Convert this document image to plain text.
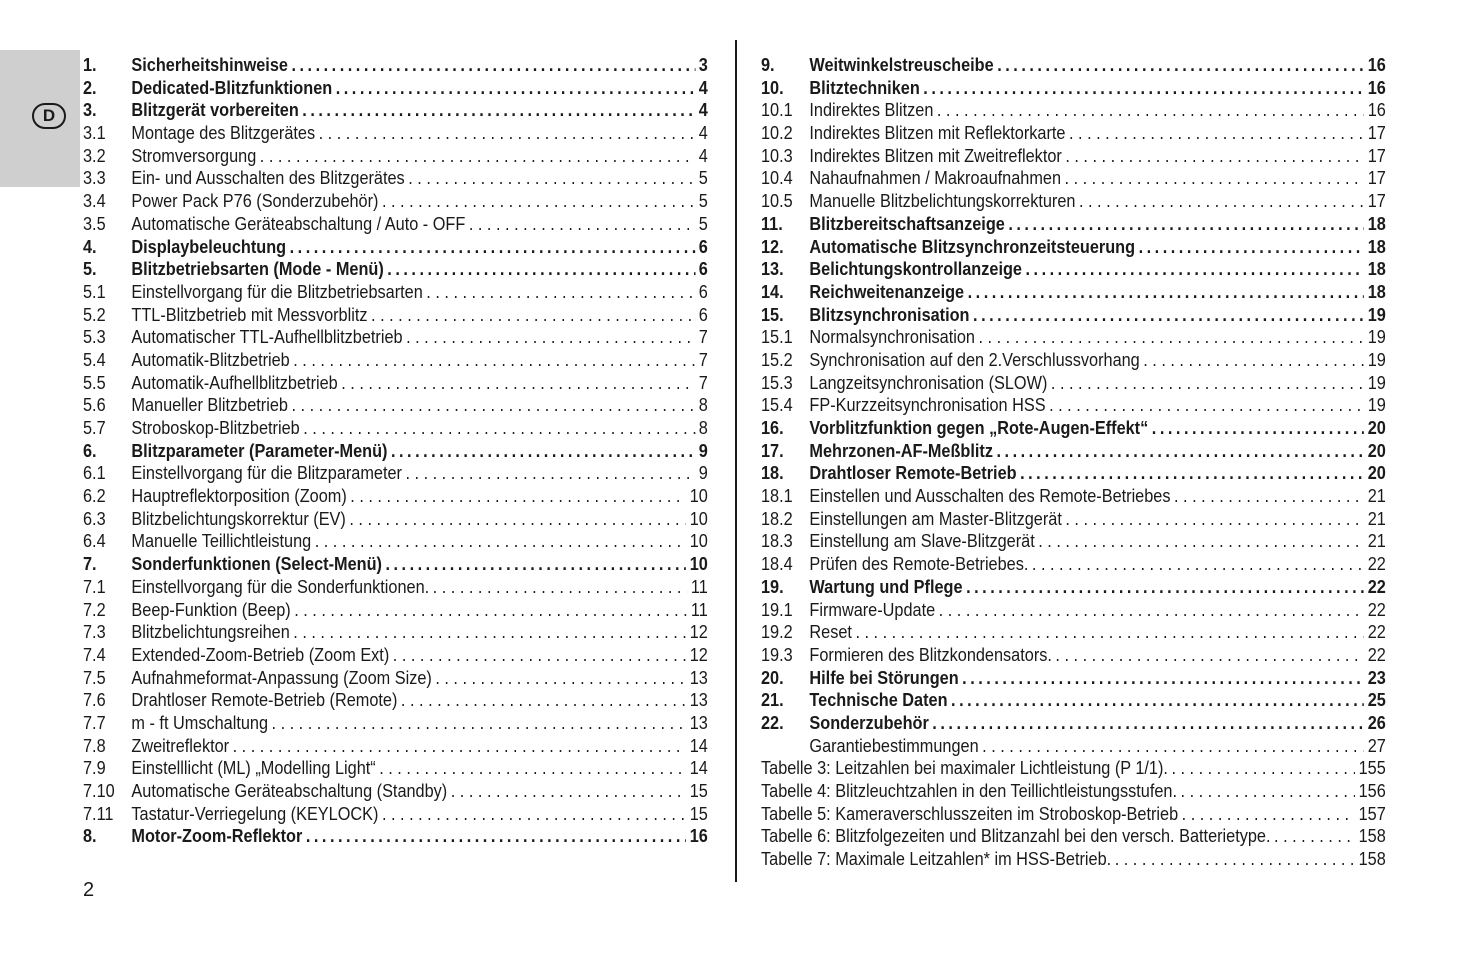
D
1.	Sicherheitshinweise .....	3
2.	Dedicated-Blitzfunktionen .....	4
3.	Blitzgerät vorbereiten .....	4
3.1	Montage des Blitzgerätes . . .	4
3.2	Stromversorgung . . .	4
3.3	Ein- und Ausschalten des Blitzgerätes . . .	5
3.4	Power Pack P76 (Sonderzubehör) . . .	5
3.5	Automatische Geräteabschaltung / Auto - OFF . . .	5
4.	Displaybeleuchtung .....	6
5.	Blitzbetriebsarten (Mode - Menü) .....	6
5.1	Einstellvorgang für die Blitzbetriebsarten . . .	6
5.2	TTL-Blitzbetrieb mit Messvorblitz . . .	6
5.3	Automatischer TTL-Aufhellblitzbetrieb . . .	7
5.4	Automatik-Blitzbetrieb . . .	7
5.5	Automatik-Aufhellblitzbetrieb . . .	7
5.6	Manueller Blitzbetrieb . . .	8
5.7	Stroboskop-Blitzbetrieb . . .	8
6.	Blitzparameter (Parameter-Menü) .....	9
6.1	Einstellvorgang für die Blitzparameter . . .	9
6.2	Hauptreflektorposition (Zoom) . . .	10
6.3	Blitzbelichtungskorrektur (EV) . . .	10
6.4	Manuelle Teillichtleistung . . .	10
7.	Sonderfunktionen (Select-Menü) .....	10
7.1	Einstellvorgang für die Sonderfunktionen. . . .	11
7.2	Beep-Funktion (Beep) . . .	11
7.3	Blitzbelichtungsreihen . . .	12
7.4	Extended-Zoom-Betrieb (Zoom Ext) . . .	12
7.5	Aufnahmeformat-Anpassung (Zoom Size) . . .	13
7.6	Drahtloser Remote-Betrieb (Remote) . . .	13
7.7	m - ft Umschaltung . . .	13
7.8	Zweitreflektor . . .	14
7.9	Einstelllicht (ML) „Modelling Light“ . . .	14
7.10 Automatische Geräteabschaltung (Standby) . . .	15
7.11 Tastatur-Verriegelung (KEYLOCK) . . .	15
8.	Motor-Zoom-Reflektor .....	16
9.	Weitwinkelstreuscheibe .....	16
10.	Blitztechniken .....	16
10.1 Indirektes Blitzen . . .	16
10.2 Indirektes Blitzen mit Reflektorkarte . . .	17
10.3 Indirektes Blitzen mit Zweitreflektor . . .	17
10.4 Nahaufnahmen / Makroaufnahmen . . .	17
10.5 Manuelle Blitzbelichtungskorrekturen . . .	17
11.	Blitzbereitschaftsanzeige .....	18
12.	Automatische Blitzsynchronzeitsteuerung .....	18
13.	Belichtungskontrollanzeige .....	18
14.	Reichweitenanzeige .....	18
15.	Blitzsynchronisation .....	19
15.1 Normalsynchronisation . . .	19
15.2 Synchronisation auf den 2.Verschlussvorhang . . .	19
15.3 Langzeitsynchronisation (SLOW) . . .	19
15.4 FP-Kurzzeitsynchronisation HSS . . .	19
16.	Vorblitzfunktion gegen „Rote-Augen-Effekt“ .....	20
17.	Mehrzonen-AF-Meßblitz .....	20
18.	Drahtloser Remote-Betrieb .....	20
18.1 Einstellen und Ausschalten des Remote-Betriebes . . .	21
18.2 Einstellungen am Master-Blitzgerät . . .	21
18.3 Einstellung am Slave-Blitzgerät . . .	21
18.4 Prüfen des Remote-Betriebes. . . .	22
19.	Wartung und Pflege .....	22
19.1 Firmware-Update . . .	22
19.2 Reset . . .	22
19.3 Formieren des Blitzkondensators. . . .	22
20.	Hilfe bei Störungen .....	23
21.	Technische Daten .....	25
22.	Sonderzubehör .....	26
Garantiebestimmungen . . .	27
Tabelle 3: Leitzahlen bei maximaler Lichtleistung (P 1/1). . . .	155
Tabelle 4: Blitzleuchtzahlen in den Teillichtleistungsstufen. . . .	156
Tabelle 5: Kameraverschlusszeiten im Stroboskop-Betrieb . . .	157
Tabelle 6: Blitzfolgezeiten und Blitzanzahl bei den versch. Batterietype. . . .	158
Tabelle 7: Maximale Leitzahlen* im HSS-Betrieb. . . .	158
2
